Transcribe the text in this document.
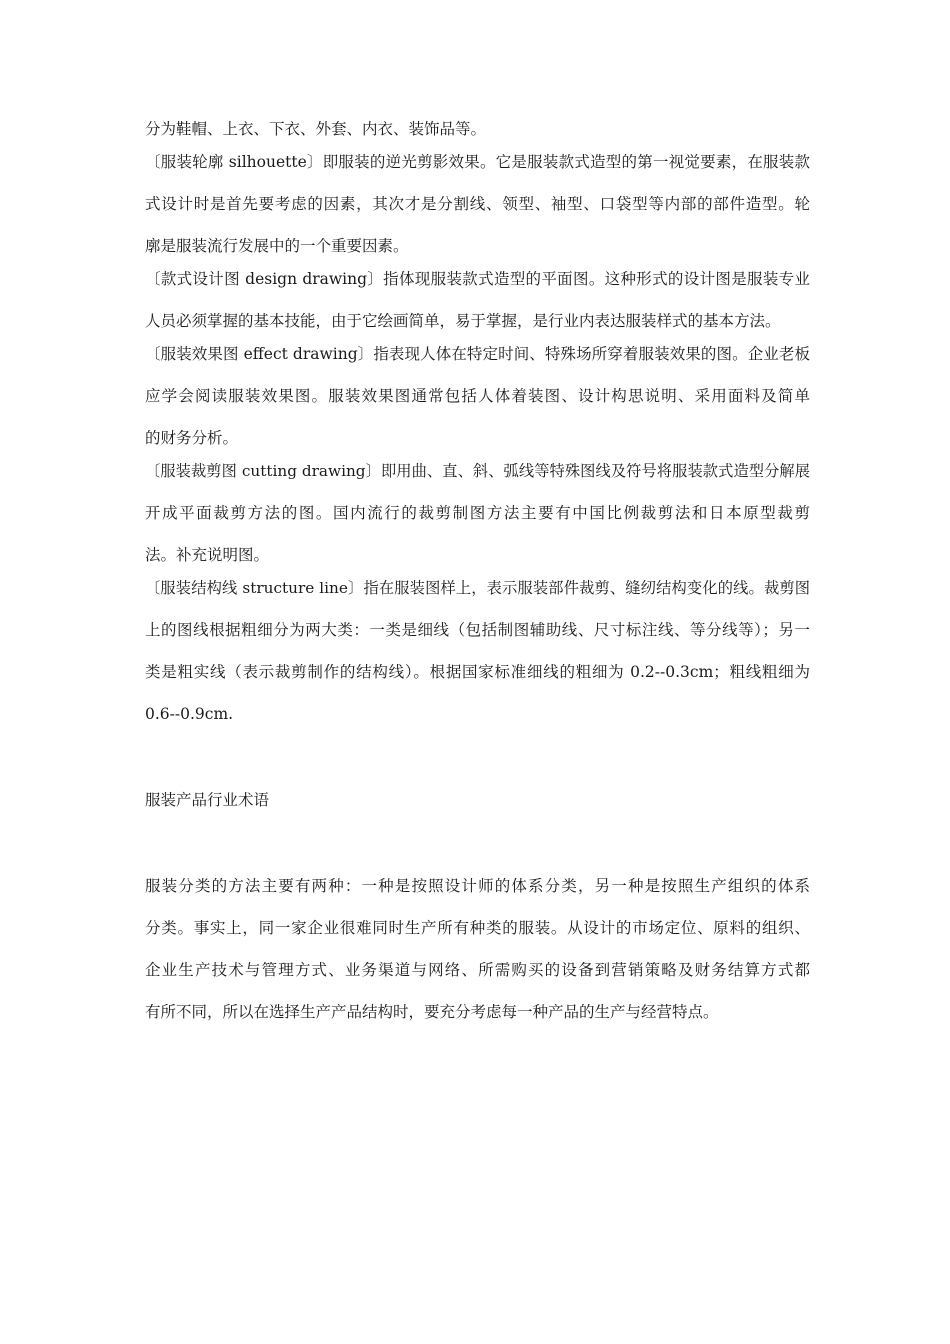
分为鞋帽、上衣、下衣、外套、内衣、装饰品等。
〔服装轮廓 silhouette〕即服装的逆光剪影效果。它是服装款式造型的第一视觉要素，在服装款
式设计时是首先要考虑的因素，其次才是分割线、领型、袖型、口袋型等内部的部件造型。轮
廓是服装流行发展中的一个重要因素。
〔款式设计图 design drawing〕指体现服装款式造型的平面图。这种形式的设计图是服装专业
人员必须掌握的基本技能，由于它绘画简单，易于掌握，是行业内表达服装样式的基本方法。
〔服装效果图 effect drawing〕指表现人体在特定时间、特殊场所穿着服装效果的图。企业老板
应学会阅读服装效果图。服装效果图通常包括人体着装图、设计构思说明、采用面料及简单
的财务分析。
〔服装裁剪图 cutting drawing〕即用曲、直、斜、弧线等特殊图线及符号将服装款式造型分解展
开成平面裁剪方法的图。国内流行的裁剪制图方法主要有中国比例裁剪法和日本原型裁剪
法。补充说明图。
〔服装结构线 structure line〕指在服装图样上，表示服装部件裁剪、缝纫结构变化的线。裁剪图
上的图线根据粗细分为两大类：一类是细线（包括制图辅助线、尺寸标注线、等分线等）；另一
类是粗实线（表示裁剪制作的结构线）。根据国家标准细线的粗细为 0.2--0.3cm；粗线粗细为
0.6--0.9cm.
服装产品行业术语
服装分类的方法主要有两种：一种是按照设计师的体系分类，另一种是按照生产组织的体系
分类。事实上，同一家企业很难同时生产所有种类的服装。从设计的市场定位、原料的组织、
企业生产技术与管理方式、业务渠道与网络、所需购买的设备到营销策略及财务结算方式都
有所不同，所以在选择生产产品结构时，要充分考虑每一种产品的生产与经营特点。
